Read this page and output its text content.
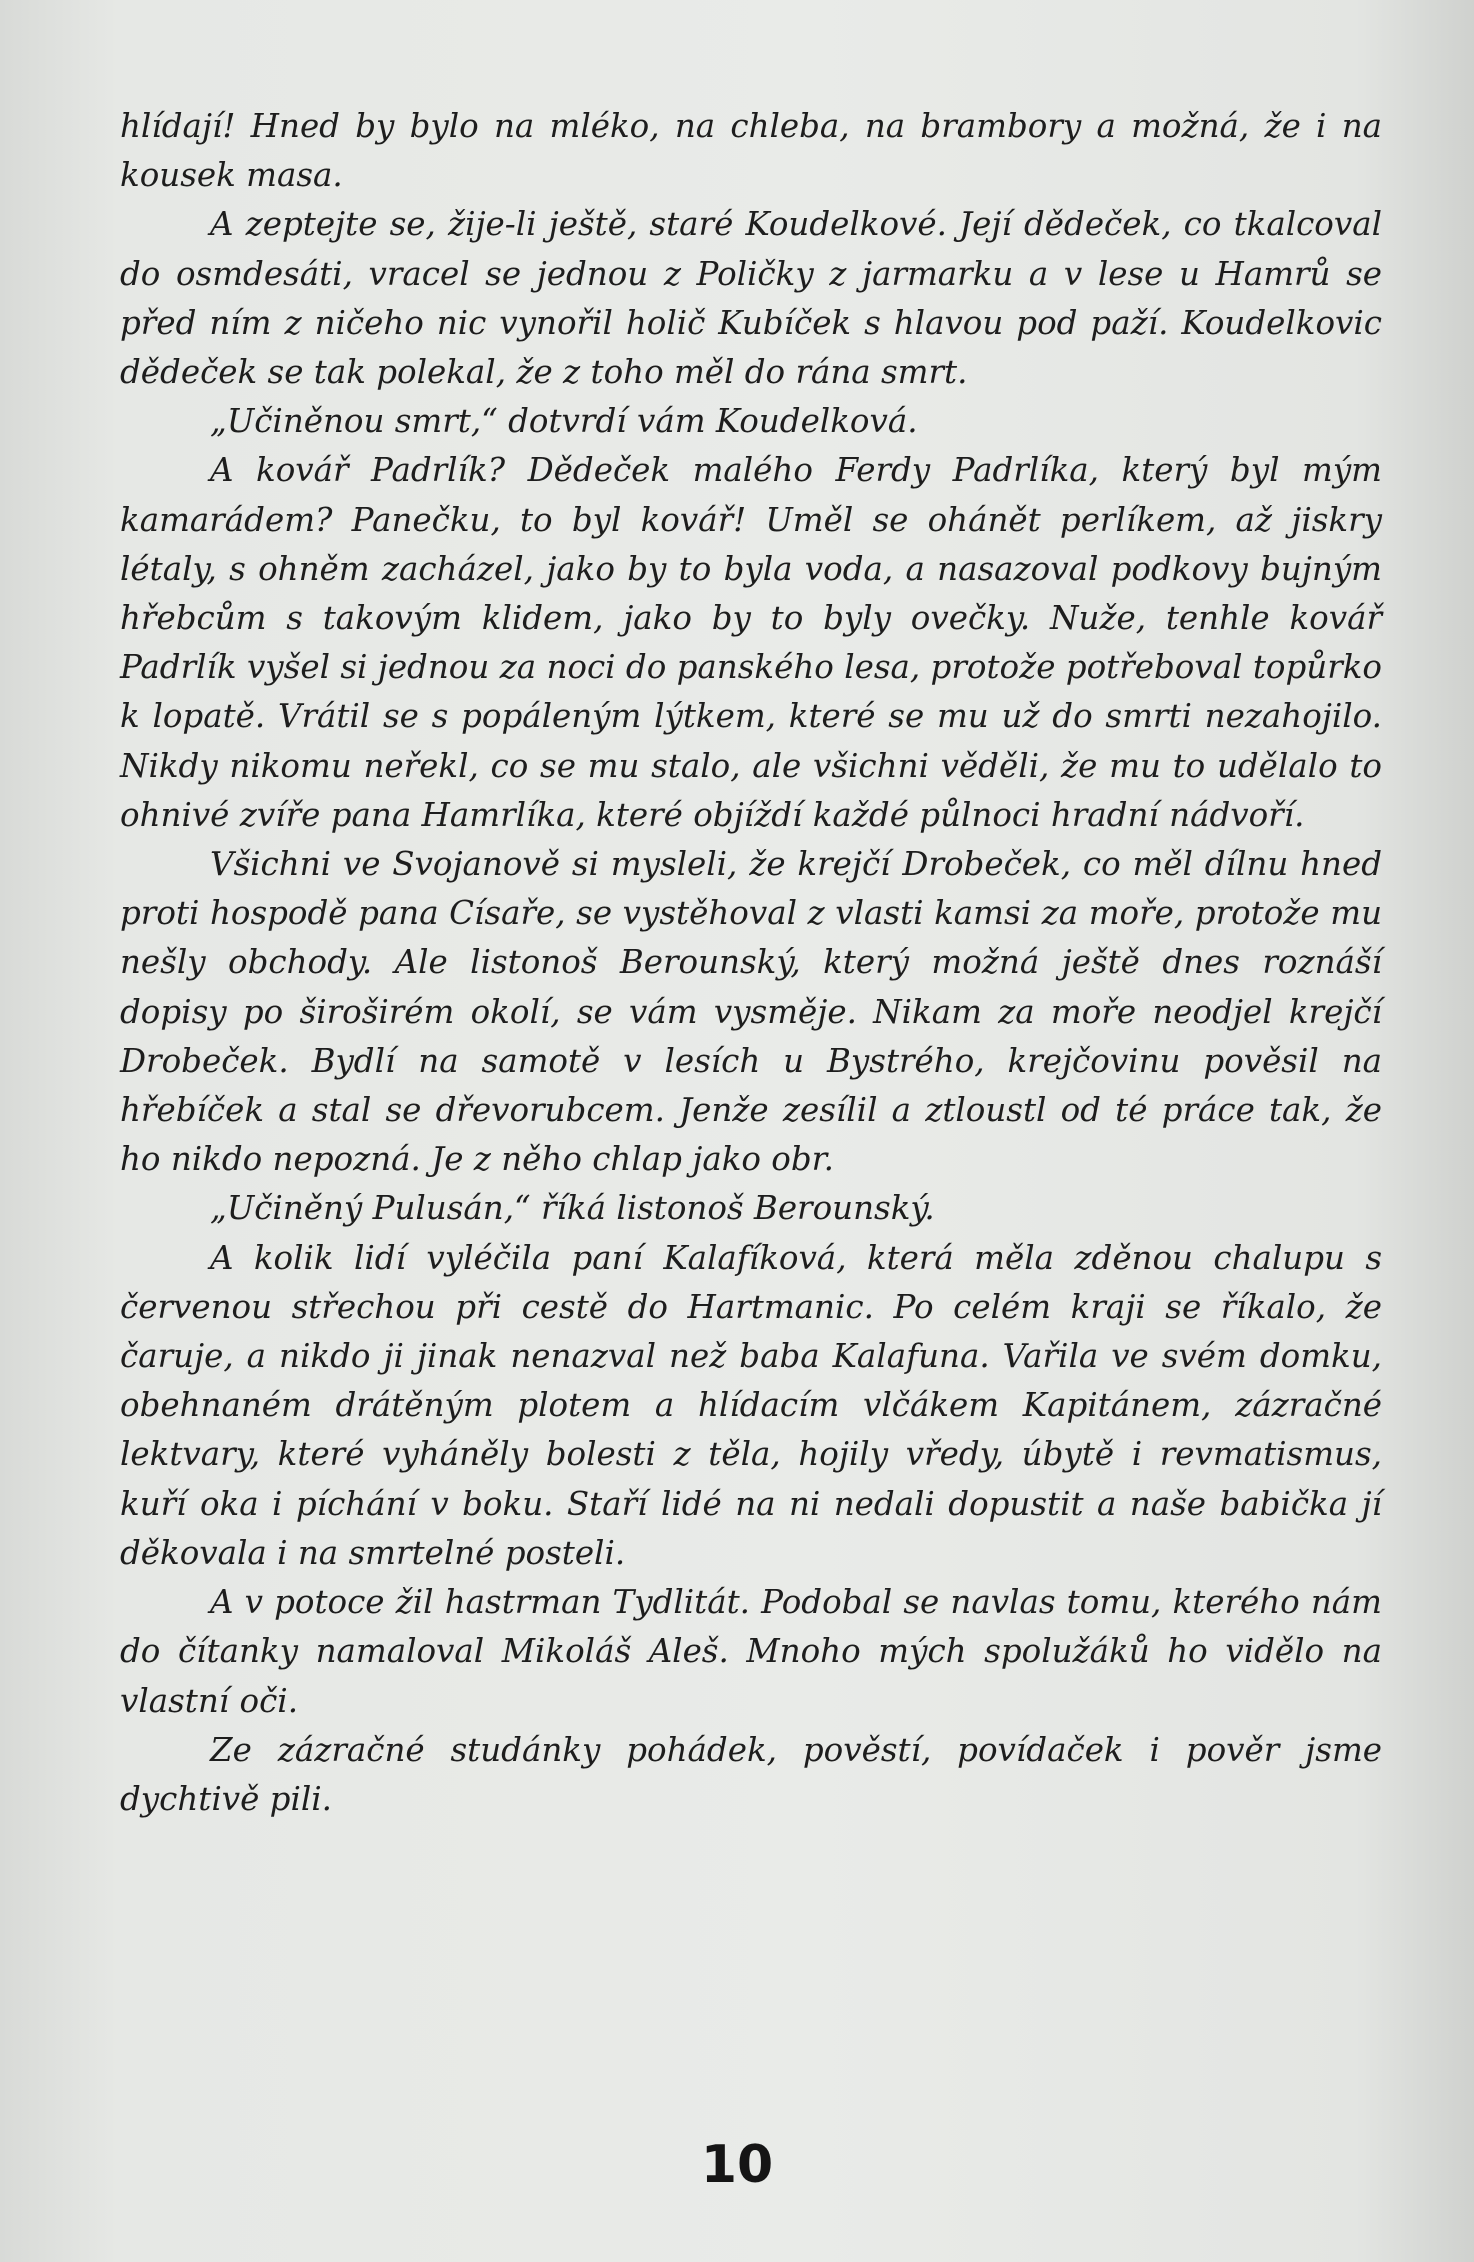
hlídají! Hned by bylo na mléko, na chleba, na brambory a možná, že i na kousek masa.

A zeptejte se, žije-li ještě, staré Koudelkové. Její dědeček, co tkalcoval do osmdesáti, vracel se jednou z Poličky z jarmarku a v lese u Hamrů se před ním z ničeho nic vynořil holič Kubíček s hlavou pod paží. Koudelkovic dědeček se tak polekal, že z toho měl do rána smrt.

„Učiněnou smrt,“ dotvrdí vám Koudelková.

A kovář Padrlík? Dědeček malého Ferdy Padrlíka, který byl mým kamarádem? Panečku, to byl kovář! Uměl se ohánět perlíkem, až jiskry létaly, s ohněm zacházel, jako by to byla voda, a nasazoval podkovy bujným hřebcům s takovým klidem, jako by to byly ovečky. Nuže, tenhle kovář Padrlík vyšel si jednou za noci do panského lesa, protože potřeboval topůrko k lopatě. Vrátil se s popáleným lýtkem, které se mu už do smrti nezahojilo. Nikdy nikomu neřekl, co se mu stalo, ale všichni věděli, že mu to udělalo to ohnivé zvíře pana Hamrlíka, které objíždí každé půlnoci hradní nádvoří.

Všichni ve Svojanově si mysleli, že krejčí Drobeček, co měl dílnu hned proti hospodě pana Císaře, se vystěhoval z vlasti kamsi za moře, protože mu nešly obchody. Ale listonoš Berounský, který možná ještě dnes roznáší dopisy po široširém okolí, se vám vysměje. Nikam za moře neodjel krejčí Drobeček. Bydlí na samotě v lesích u Bystrého, krejčovinu pověsil na hřebíček a stal se dřevorubcem. Jenže zesílil a ztloustl od té práce tak, že ho nikdo nepozná. Je z něho chlap jako obr.

„Učiněný Pulusán,“ říká listonoš Berounský.

A kolik lidí vyléčila paní Kalafíková, která měla zděnou chalupu s červenou střechou při cestě do Hartmanic. Po celém kraji se říkalo, že čaruje, a nikdo ji jinak nenazval než baba Kalafuna. Vařila ve svém domku, obehnaném drátěným plotem a hlídacím vlčákem Kapitánem, zázračné lektvary, které vyháněly bolesti z těla, hojily vředy, úbytě i revmatismus, kuří oka i píchání v boku. Staří lidé na ni nedali dopustit a naše babička jí děkovala i na smrtelné posteli.

A v potoce žil hastrman Tydlitát. Podobal se navlas tomu, kterého nám do čítanky namaloval Mikoláš Aleš. Mnoho mých spolužáků ho vidělo na vlastní oči.

Ze zázračné studánky pohádek, pověstí, povídaček i pověr jsme dychtivě pili.

10
